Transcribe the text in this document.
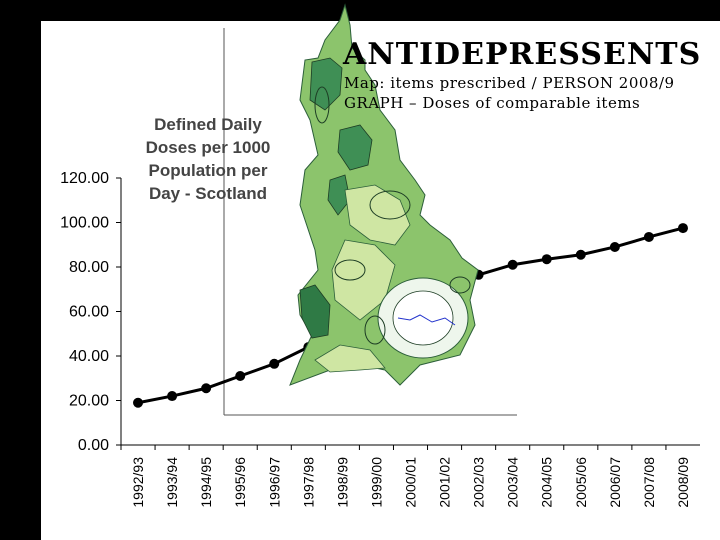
0.00
20.00
40.00
60.00
80.00
100.00
120.00
1992/93 1993/94 1994/95 1995/96 1996/97 1997/98 1998/99 1999/00 2000/01 2001/02 2002/03 2003/04 2004/05 2005/06 2006/07 2007/08 2008/09
Defined Daily
Doses per 1000
Population per
Day - Scotland
ANTIDEPRESSENTS
Map: items prescribed / PERSON 2008/9
GRAPH – Doses of comparable items
